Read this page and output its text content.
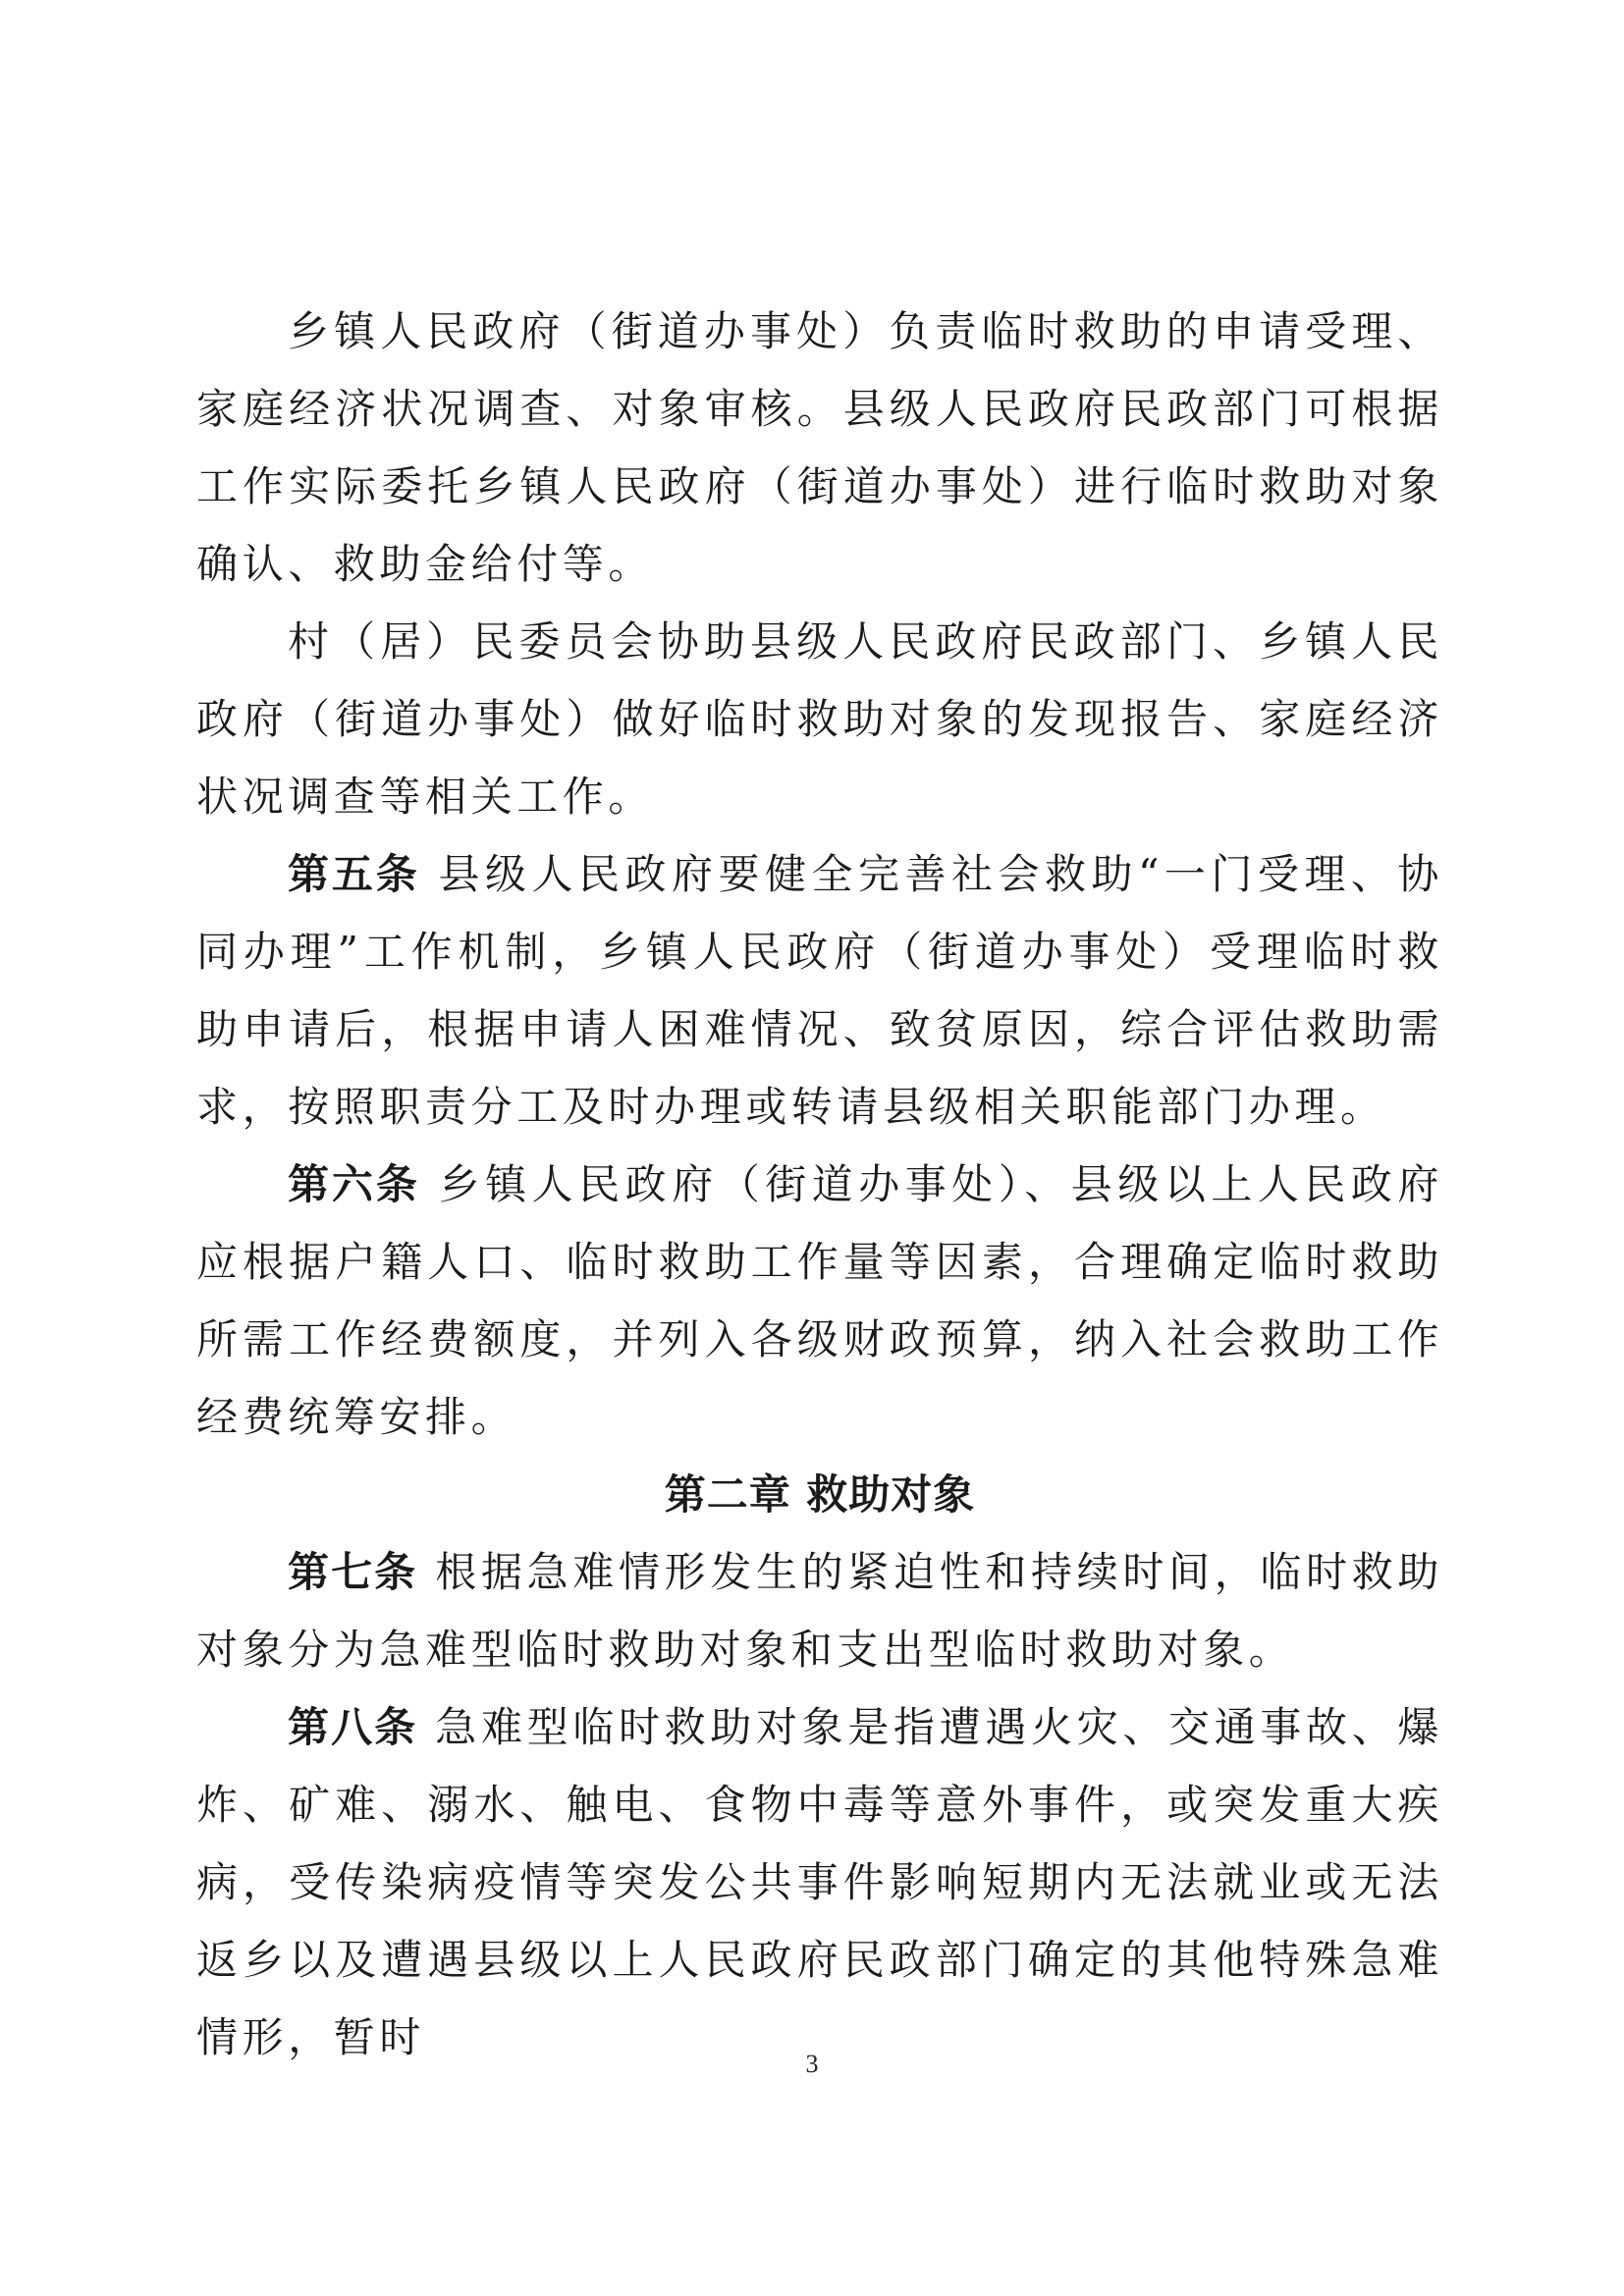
乡镇人民政府（街道办事处）负责临时救助的申请受理、家庭经济状况调查、对象审核。县级人民政府民政部门可根据工作实际委托乡镇人民政府（街道办事处）进行临时救助对象确认、救助金给付等。

村（居）民委员会协助县级人民政府民政部门、乡镇人民政府（街道办事处）做好临时救助对象的发现报告、家庭经济状况调查等相关工作。

第五条 县级人民政府要健全完善社会救助“一门受理、协同办理”工作机制，乡镇人民政府（街道办事处）受理临时救助申请后，根据申请人困难情况、致贫原因，综合评估救助需求，按照职责分工及时办理或转请县级相关职能部门办理。

第六条 乡镇人民政府（街道办事处）、县级以上人民政府应根据户籍人口、临时救助工作量等因素，合理确定临时救助所需工作经费额度，并列入各级财政预算，纳入社会救助工作经费统筹安排。

第二章 救助对象

第七条 根据急难情形发生的紧迫性和持续时间，临时救助对象分为急难型临时救助对象和支出型临时救助对象。

第八条 急难型临时救助对象是指遭遇火灾、交通事故、爆炸、矿难、溺水、触电、食物中毒等意外事件，或突发重大疾病，受传染病疫情等突发公共事件影响短期内无法就业或无法返乡以及遭遇县级以上人民政府民政部门确定的其他特殊急难情形，暂时

3
